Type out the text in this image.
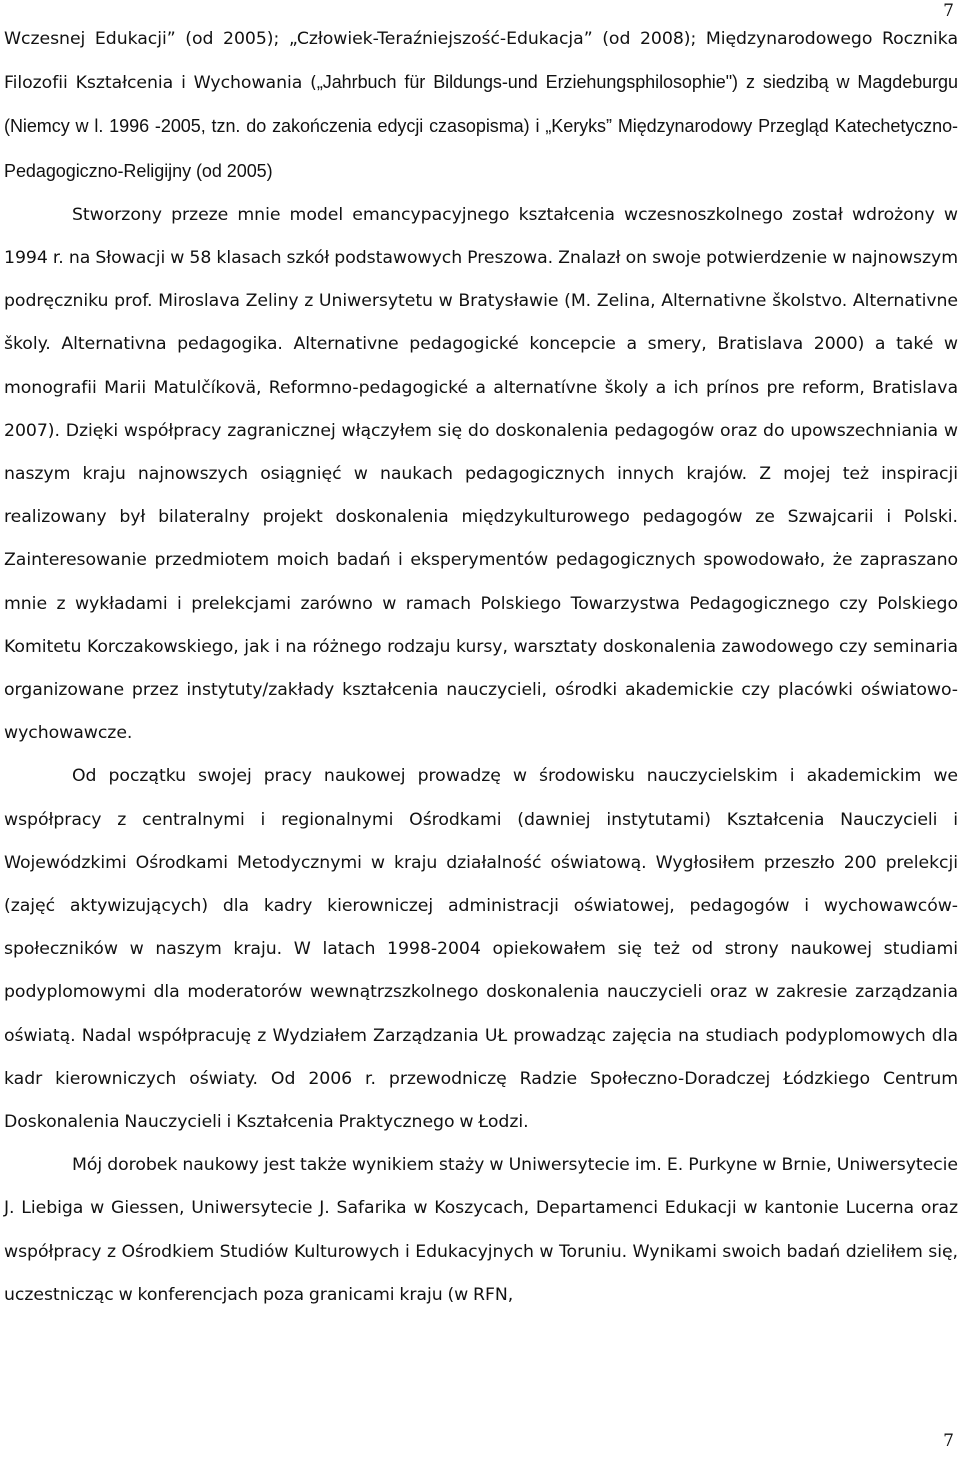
7

Wczesnej Edukacji” (od 2005); „Człowiek-Teraźniejszość-Edukacja” (od 2008); Międzynarodowego Rocznika Filozofii Kształcenia i Wychowania („Jahrbuch für Bildungs-und Erziehungsphilosophie") z siedzibą w Magdeburgu (Niemcy w l. 1996 -2005, tzn. do zakończenia edycji czasopisma) i „Keryks” Międzynarodowy Przegląd Katechetyczno-Pedagogiczno-Religijny (od 2005)

Stworzony przeze mnie model emancypacyjnego kształcenia wczesnoszkolnego został wdrożony w 1994 r. na Słowacji w 58 klasach szkół podstawowych Preszowa. Znalazł on swoje potwierdzenie w najnowszym podręczniku prof. Miroslava Zeliny z Uniwersytetu w Bratysławie (M. Zelina, Alternativne školstvo. Alternativne školy. Alternativna pedagogika. Alternativne pedagogické koncepcie a smery, Bratislava 2000) a také w monografii Marii Matulčíkovä, Reformno-pedagogické a alternatívne školy a ich prínos pre reform, Bratislava 2007). Dzięki współpracy zagranicznej włączyłem się do doskonalenia pedagogów oraz do upowszechniania w naszym kraju najnowszych osiągnięć w naukach pedagogicznych innych krajów. Z mojej też inspiracji realizowany był bilateralny projekt doskonalenia międzykulturowego pedagogów ze Szwajcarii i Polski. Zainteresowanie przedmiotem moich badań i eksperymentów pedagogicznych spowodowało, że zapraszano mnie z wykładami i prelekcjami zarówno w ramach Polskiego Towarzystwa Pedagogicznego czy Polskiego Komitetu Korczakowskiego, jak i na różnego rodzaju kursy, warsztaty doskonalenia zawodowego czy seminaria organizowane przez instytuty/zakłady kształcenia nauczycieli, ośrodki akademickie czy placówki oświatowo-wychowawcze.

Od początku swojej pracy naukowej prowadzę w środowisku nauczycielskim i akademickim we współpracy z centralnymi i regionalnymi Ośrodkami (dawniej instytutami) Kształcenia Nauczycieli i Wojewódzkimi Ośrodkami Metodycznymi w kraju działalność oświatową. Wygłosiłem przeszło 200 prelekcji (zajęć aktywizujących) dla kadry kierowniczej administracji oświatowej, pedagogów i wychowawców-społeczników w naszym kraju. W latach 1998-2004 opiekowałem się też od strony naukowej studiami podyplomowymi dla moderatorów wewnątrzszkolnego doskonalenia nauczycieli oraz w zakresie zarządzania oświatą. Nadal współpracuję z Wydziałem Zarządzania UŁ prowadząc zajęcia na studiach podyplomowych dla kadr kierowniczych oświaty. Od 2006 r. przewodniczę Radzie Społeczno-Doradczej Łódzkiego Centrum Doskonalenia Nauczycieli i Kształcenia Praktycznego w Łodzi.

Mój dorobek naukowy jest także wynikiem staży w Uniwersytecie im. E. Purkyne w Brnie, Uniwersytecie J. Liebiga w Giessen, Uniwersytecie J. Safarika w Koszycach, Departamenci Edukacji w kantonie Lucerna oraz współpracy z Ośrodkiem Studiów Kulturowych i Edukacyjnych w Toruniu. Wynikami swoich badań dzieliłem się, uczestnicząc w konferencjach poza granicami kraju (w RFN,

7
